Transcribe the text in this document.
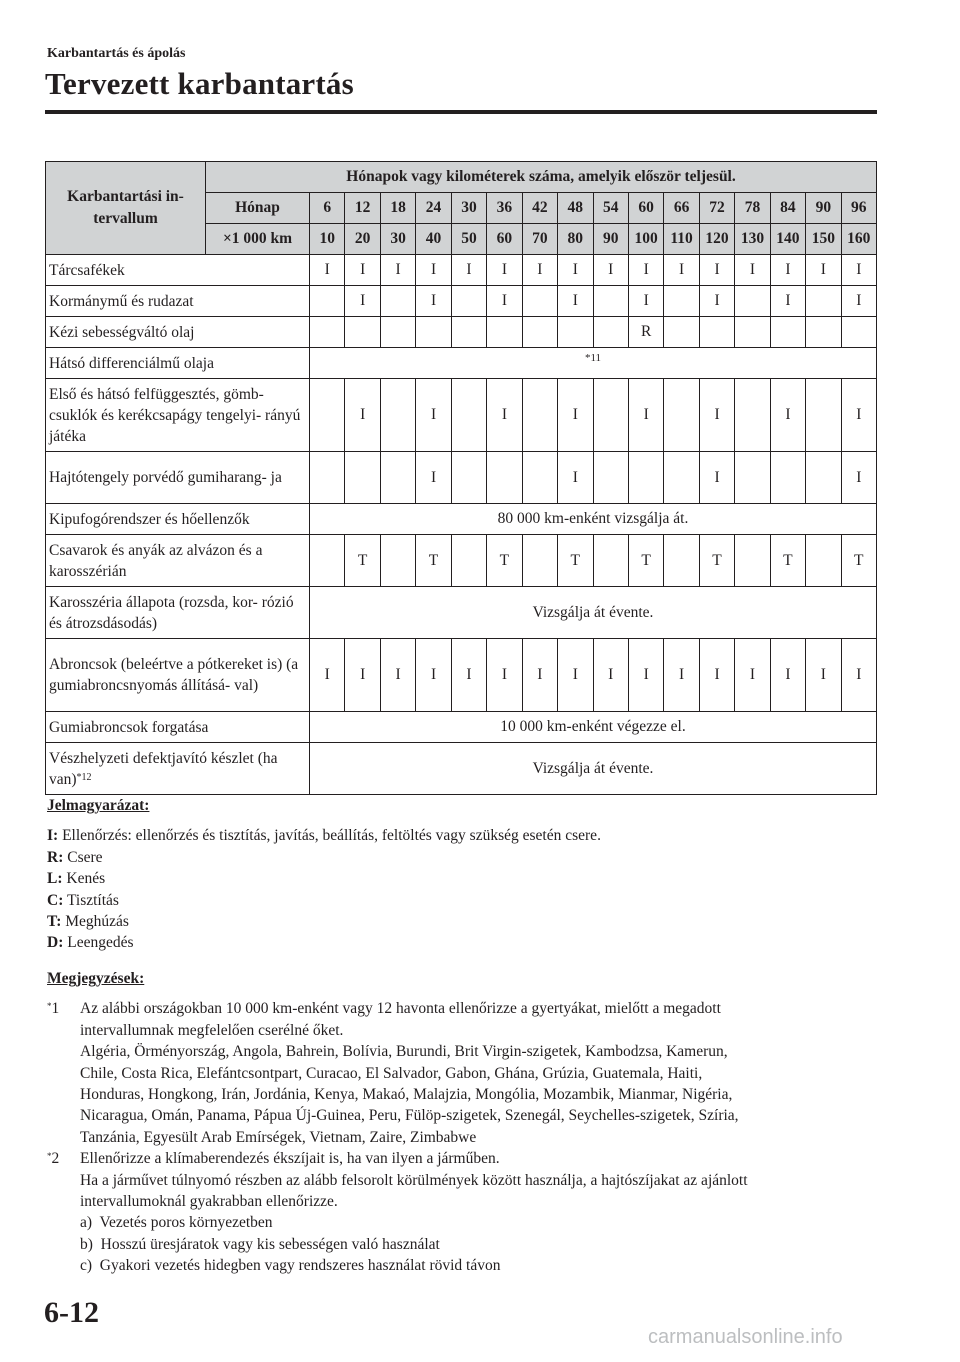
Karbantartás és ápolás
Tervezett karbantartás
Karbantartási in- tervallum	Hónapok vagy kilométerek száma, amelyik először teljesül.																
	Hónap	6	12	18	24	30	36	42	48	54	60	66	72	78	84	90	96
	×1 000 km	10	20	30	40	50	60	70	80	90	100	110	120	130	140	150	160
Tárcsafékek		I	I	I	I	I	I	I	I	I	I	I	I	I	I	I	I
Kormánymű és rudazat			I		I		I		I		I		I		I		I
Kézi sebességváltó olaj											R						
Hátsó differenciálmű olaja		*11															
Első és hátsó felfüggesztés, gömb- csuklók és kerékcsapágy tengelyi- rányú játéka			I		I		I		I		I		I		I		I
Hajtótengely porvédő gumiharang- ja					I				I				I				I
Kipufogórendszer és hőellenzők		80 000 km-enként vizsgálja át.															
Csavarok és anyák az alvázon és a karosszérián			T		T		T		T		T		T		T		T
Karosszéria állapota (rozsda, kor- rózió és átrozsdásodás)		Vizsgálja át évente.															
Abroncsok (beleértve a pótkereket is) (a gumiabroncsnyomás állításá- val)		I	I	I	I	I	I	I	I	I	I	I	I	I	I	I	I
Gumiabroncsok forgatása		10 000 km-enként végezze el.															
Vészhelyzeti defektjavító készlet (ha van)$^{*12}$		Vizsgálja át évente.															
Jelmagyarázat:
I: Ellenőrzés: ellenőrzés és tisztítás, javítás, beállítás, feltöltés vagy szükség esetén csere.
R: Csere
L: Kenés
C: Tisztítás
T: Meghúzás
D: Leengedés
Megjegyzések:
*1 Az alábbi országokban 10 000 km-enként vagy 12 havonta ellenőrizze a gyertyákat, mielőtt a megadott
intervallumnak megfelelően cserélné őket.
Algéria, Örményország, Angola, Bahrein, Bolívia, Burundi, Brit Virgin-szigetek, Kambodzsa, Kamerun,
Chile, Costa Rica, Elefántcsontpart, Curacao, El Salvador, Gabon, Ghána, Grúzia, Guatemala, Haiti,
Honduras, Hongkong, Irán, Jordánia, Kenya, Makaó, Malajzia, Mongólia, Mozambik, Mianmar, Nigéria,
Nicaragua, Omán, Panama, Pápua Új-Guinea, Peru, Fülöp-szigetek, Szenegál, Seychelles-szigetek, Szíria,
Tanzánia, Egyesült Arab Emírségek, Vietnam, Zaire, Zimbabwe
*2 Ellenőrizze a klímaberendezés ékszíjait is, ha van ilyen a járműben.
Ha a járművet túlnyomó részben az alább felsorolt körülmények között használja, a hajtószíjakat az ajánlott
intervallumoknál gyakrabban ellenőrizze.
a)  Vezetés poros környezetben
b)  Hosszú üresjáratok vagy kis sebességen való használat
c)  Gyakori vezetés hidegben vagy rendszeres használat rövid távon
6-12
carmanualsonline.info
